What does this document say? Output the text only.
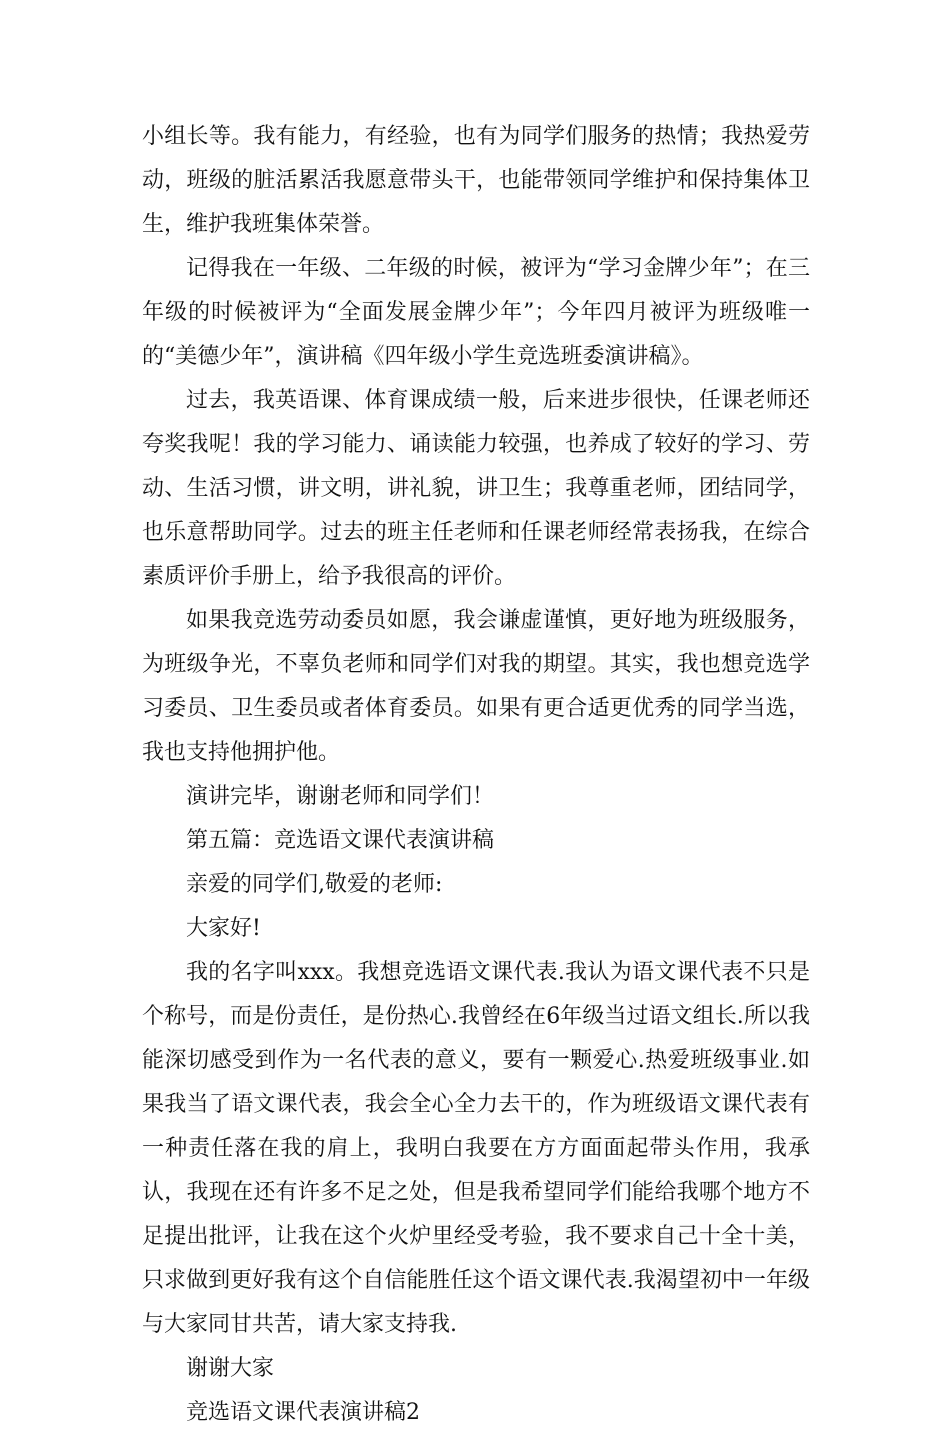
小组长等。我有能力，有经验，也有为同学们服务的热情；我热爱劳动，班级的脏活累活我愿意带头干，也能带领同学维护和保持集体卫生，维护我班集体荣誉。

记得我在一年级、二年级的时候，被评为“学习金牌少年”；在三年级的时候被评为“全面发展金牌少年”；今年四月被评为班级唯一的“美德少年”，演讲稿《四年级小学生竞选班委演讲稿》。

过去，我英语课、体育课成绩一般，后来进步很快，任课老师还夸奖我呢！我的学习能力、诵读能力较强，也养成了较好的学习、劳动、生活习惯，讲文明，讲礼貌，讲卫生；我尊重老师，团结同学，也乐意帮助同学。过去的班主任老师和任课老师经常表扬我，在综合素质评价手册上，给予我很高的评价。

如果我竞选劳动委员如愿，我会谦虚谨慎，更好地为班级服务，为班级争光，不辜负老师和同学们对我的期望。其实，我也想竞选学习委员、卫生委员或者体育委员。如果有更合适更优秀的同学当选，我也支持他拥护他。

演讲完毕，谢谢老师和同学们！

第五篇：竞选语文课代表演讲稿

亲爱的同学们,敬爱的老师:

大家好!

我的名字叫xxx。我想竞选语文课代表.我认为语文课代表不只是个称号，而是份责任，是份热心.我曾经在6年级当过语文组长.所以我能深切感受到作为一名代表的意义，要有一颗爱心.热爱班级事业.如果我当了语文课代表，我会全心全力去干的，作为班级语文课代表有一种责任落在我的肩上，我明白我要在方方面面起带头作用，我承认，我现在还有许多不足之处，但是我希望同学们能给我哪个地方不足提出批评，让我在这个火炉里经受考验，我不要求自己十全十美，只求做到更好我有这个自信能胜任这个语文课代表.我渴望初中一年级与大家同甘共苦，请大家支持我.

谢谢大家

竞选语文课代表演讲稿2
